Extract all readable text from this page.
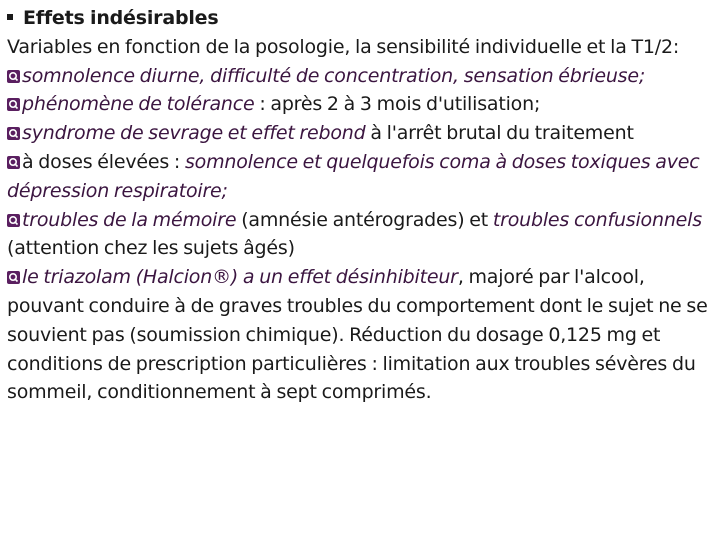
Effets indésirables

Variables en fonction de la posologie, la sensibilité individuelle et la T1/2:

somnolence diurne, difficulté de concentration, sensation ébrieuse;

phénomène de tolérance : après 2 à 3 mois d'utilisation;

syndrome de sevrage et effet rebond à l'arrêt brutal du traitement

à doses élevées : somnolence et quelquefois coma à doses toxiques avec dépression respiratoire;

troubles de la mémoire (amnésie antérogrades) et troubles confusionnels (attention chez les sujets âgés)

le triazolam (Halcion®) a un effet désinhibiteur, majoré par l'alcool, pouvant conduire à de graves troubles du comportement dont le sujet ne se souvient pas (soumission chimique). Réduction du dosage 0,125 mg et conditions de prescription particulières : limitation aux troubles sévères du sommeil, conditionnement à sept comprimés.
